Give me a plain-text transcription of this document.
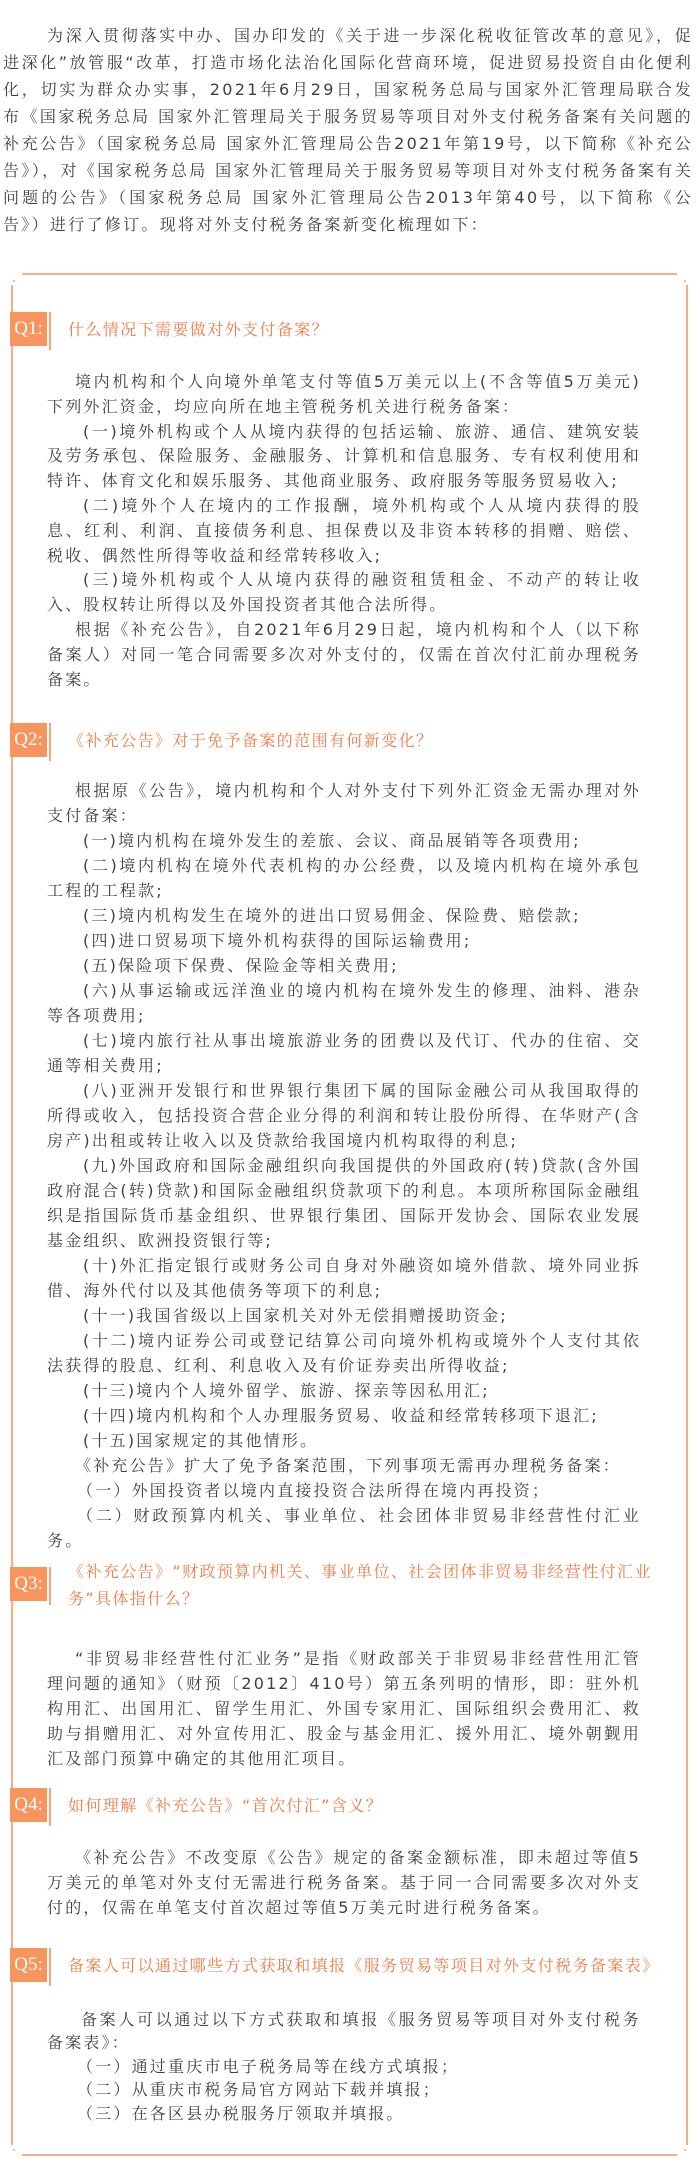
为深入贯彻落实中办、国办印发的《关于进一步深化税收征管改革的意见》，促进深化”放管服“改革，打造市场化法治化国际化营商环境，促进贸易投资自由化便利化，切实为群众办实事，2021年6月29日，国家税务总局与国家外汇管理局联合发布《国家税务总局 国家外汇管理局关于服务贸易等项目对外支付税务备案有关问题的补充公告》（国家税务总局 国家外汇管理局公告2021年第19号，以下简称《补充公告》），对《国家税务总局 国家外汇管理局关于服务贸易等项目对外支付税务备案有关问题的公告》（国家税务总局 国家外汇管理局公告2013年第40号，以下简称《公告》）进行了修订。现将对外支付税务备案新变化梳理如下：

Q1: 什么情况下需要做对外支付备案？

境内机构和个人向境外单笔支付等值5万美元以上(不含等值5万美元)下列外汇资金，均应向所在地主管税务机关进行税务备案：

(一)境外机构或个人从境内获得的包括运输、旅游、通信、建筑安装及劳务承包、保险服务、金融服务、计算机和信息服务、专有权利使用和特许、体育文化和娱乐服务、其他商业服务、政府服务等服务贸易收入;

(二)境外个人在境内的工作报酬，境外机构或个人从境内获得的股息、红利、利润、直接债务利息、担保费以及非资本转移的捐赠、赔偿、税收、偶然性所得等收益和经常转移收入;

(三)境外机构或个人从境内获得的融资租赁租金、不动产的转让收入、股权转让所得以及外国投资者其他合法所得。

根据《补充公告》，自2021年6月29日起，境内机构和个人（以下称备案人）对同一笔合同需要多次对外支付的，仅需在首次付汇前办理税务备案。

Q2: 《补充公告》对于免予备案的范围有何新变化？

根据原《公告》，境内机构和个人对外支付下列外汇资金无需办理对外支付备案：

(一)境内机构在境外发生的差旅、会议、商品展销等各项费用;

(二)境内机构在境外代表机构的办公经费，以及境内机构在境外承包工程的工程款;

(三)境内机构发生在境外的进出口贸易佣金、保险费、赔偿款;

(四)进口贸易项下境外机构获得的国际运输费用;

(五)保险项下保费、保险金等相关费用;

(六)从事运输或远洋渔业的境内机构在境外发生的修理、油料、港杂等各项费用;

(七)境内旅行社从事出境旅游业务的团费以及代订、代办的住宿、交通等相关费用;

(八)亚洲开发银行和世界银行集团下属的国际金融公司从我国取得的所得或收入，包括投资合营企业分得的利润和转让股份所得、在华财产(含房产)出租或转让收入以及贷款给我国境内机构取得的利息;

(九)外国政府和国际金融组织向我国提供的外国政府(转)贷款(含外国政府混合(转)贷款)和国际金融组织贷款项下的利息。本项所称国际金融组织是指国际货币基金组织、世界银行集团、国际开发协会、国际农业发展基金组织、欧洲投资银行等;

(十)外汇指定银行或财务公司自身对外融资如境外借款、境外同业拆借、海外代付以及其他债务等项下的利息;

(十一)我国省级以上国家机关对外无偿捐赠援助资金;

(十二)境内证券公司或登记结算公司向境外机构或境外个人支付其依法获得的股息、红利、利息收入及有价证券卖出所得收益;

(十三)境内个人境外留学、旅游、探亲等因私用汇;

(十四)境内机构和个人办理服务贸易、收益和经常转移项下退汇;

(十五)国家规定的其他情形。

《补充公告》扩大了免予备案范围，下列事项无需再办理税务备案：

（一）外国投资者以境内直接投资合法所得在境内再投资；

（二）财政预算内机关、事业单位、社会团体非贸易非经营性付汇业务。

Q3:
《补充公告》“财政预算内机关、事业单位、社会团体非贸易非经营性付汇业务”具体指什么？

“非贸易非经营性付汇业务”是指《财政部关于非贸易非经营性用汇管理问题的通知》（财预〔2012〕410号）第五条列明的情形，即：驻外机构用汇、出国用汇、留学生用汇、外国专家用汇、国际组织会费用汇、救助与捐赠用汇、对外宣传用汇、股金与基金用汇、援外用汇、境外朝觐用汇及部门预算中确定的其他用汇项目。

Q4: 如何理解《补充公告》“首次付汇”含义？

《补充公告》不改变原《公告》规定的备案金额标准，即未超过等值5万美元的单笔对外支付无需进行税务备案。基于同一合同需要多次对外支付的，仅需在单笔支付首次超过等值5万美元时进行税务备案。

Q5: 备案人可以通过哪些方式获取和填报《服务贸易等项目对外支付税务备案表》

备案人可以通过以下方式获取和填报《服务贸易等项目对外支付税务备案表》：

（一）通过重庆市电子税务局等在线方式填报；

（二）从重庆市税务局官方网站下载并填报；

（三）在各区县办税服务厅领取并填报。
